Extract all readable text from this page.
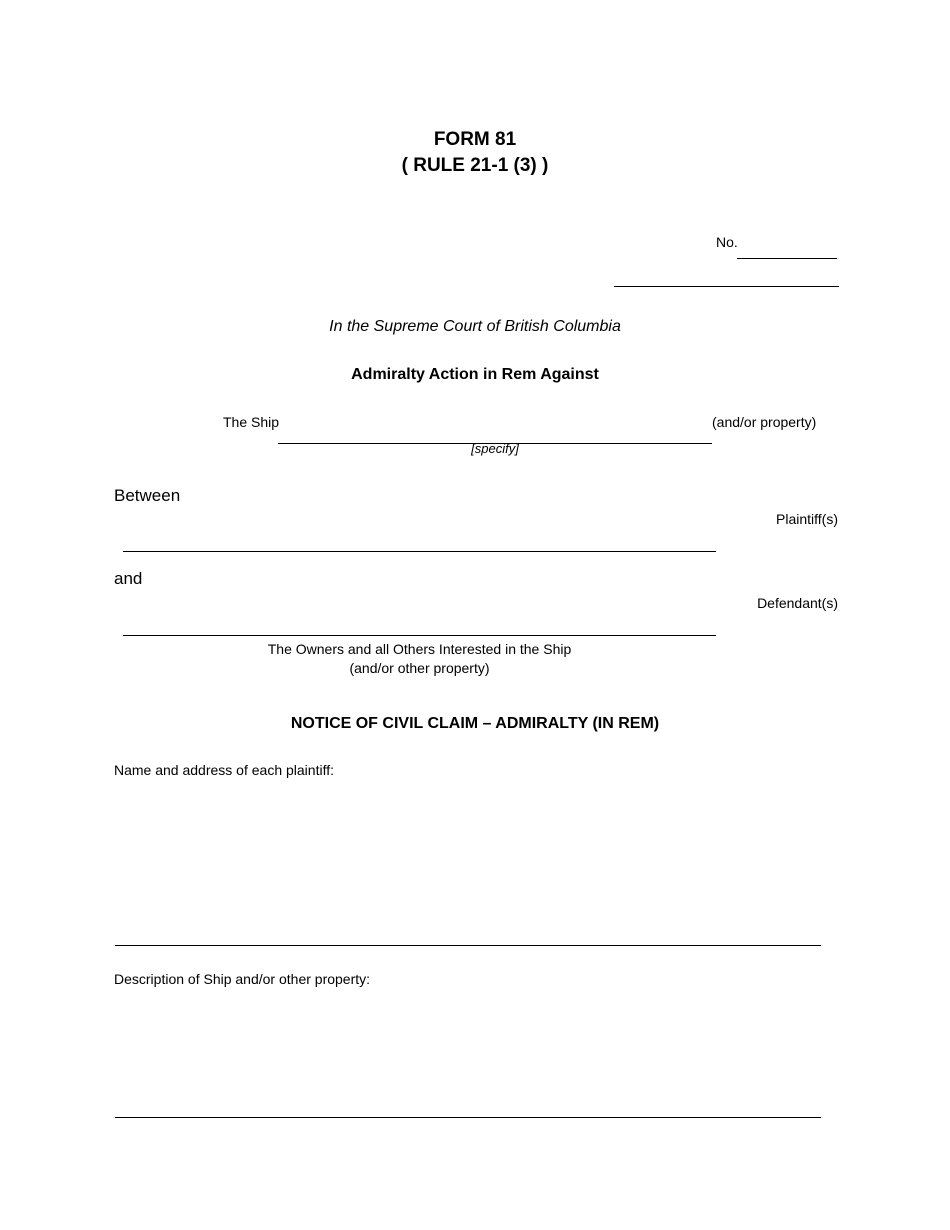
FORM 81
( RULE 21-1 (3) )
No.
In the Supreme Court of British Columbia
Admiralty Action in Rem Against
The Ship	(and/or property)
[specify]
Between
Plaintiff(s)
and
Defendant(s)
The Owners and all Others Interested in the Ship
(and/or other property)
NOTICE OF CIVIL CLAIM – ADMIRALTY (IN REM)
Name and address of each plaintiff:
Description of Ship and/or other property:
